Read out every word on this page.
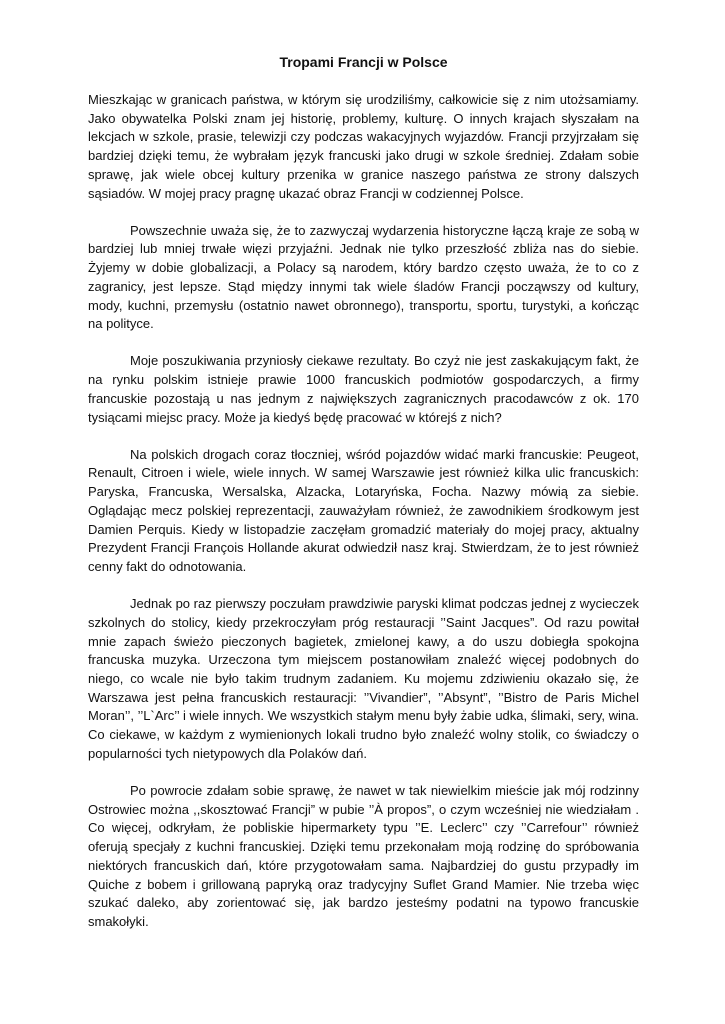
Tropami Francji w Polsce

Mieszkając w granicach państwa, w którym się urodziliśmy, całkowicie się z nim utożsamiamy. Jako obywatelka Polski znam jej historię, problemy, kulturę. O innych krajach słyszałam na lekcjach w szkole, prasie, telewizji czy podczas wakacyjnych wyjazdów. Francji przyjrzałam się bardziej dzięki temu, że wybrałam język francuski jako drugi w szkole średniej. Zdałam sobie sprawę, jak wiele obcej kultury przenika w granice naszego państwa ze strony dalszych sąsiadów. W mojej pracy pragnę ukazać obraz Francji w codziennej Polsce.

Powszechnie uważa się, że to zazwyczaj wydarzenia historyczne łączą kraje ze sobą w bardziej lub mniej trwałe więzi przyjaźni. Jednak nie tylko przeszłość zbliża nas do siebie. Żyjemy w dobie globalizacji, a Polacy są narodem, który bardzo często uważa, że to co z zagranicy, jest lepsze. Stąd między innymi tak wiele śladów Francji począwszy od kultury, mody, kuchni, przemysłu (ostatnio nawet obronnego), transportu, sportu, turystyki, a kończąc na polityce.

Moje poszukiwania przyniosły ciekawe rezultaty. Bo czyż nie jest zaskakującym fakt, że na rynku polskim istnieje prawie 1000 francuskich podmiotów gospodarczych, a firmy francuskie pozostają u nas jednym z największych zagranicznych pracodawców z ok. 170 tysiącami miejsc pracy. Może ja kiedyś będę pracować w którejś z nich?

Na polskich drogach coraz tłoczniej, wśród pojazdów widać marki francuskie: Peugeot, Renault, Citroen i wiele, wiele innych. W samej Warszawie jest również kilka ulic francuskich: Paryska, Francuska, Wersalska, Alzacka, Lotaryńska, Focha. Nazwy mówią za siebie. Oglądając mecz polskiej reprezentacji, zauważyłam również, że zawodnikiem środkowym jest Damien Perquis. Kiedy w listopadzie zaczęłam gromadzić materiały do mojej pracy, aktualny Prezydent Francji François Hollande akurat odwiedził nasz kraj. Stwierdzam, że to jest również cenny fakt do odnotowania.

Jednak po raz pierwszy poczułam prawdziwie paryski klimat podczas jednej z wycieczek szkolnych do stolicy, kiedy przekroczyłam próg restauracji ’’Saint Jacques”. Od razu powitał mnie zapach świeżo pieczonych bagietek, zmielonej kawy, a do uszu dobiegła spokojna francuska muzyka. Urzeczona tym miejscem postanowiłam znaleźć więcej podobnych do niego, co wcale nie było takim trudnym zadaniem. Ku mojemu zdziwieniu okazało się, że Warszawa jest pełna francuskich restauracji: ’’Vivandier”, ’’Absynt”, ’’Bistro de Paris Michel Moran’’, ’’L`Arc’’ i wiele innych. We wszystkich stałym menu były żabie udka, ślimaki, sery, wina. Co ciekawe, w każdym z wymienionych lokali trudno było znaleźć wolny stolik, co świadczy o popularności tych nietypowych dla Polaków dań.

Po powrocie zdałam sobie sprawę, że nawet w tak niewielkim mieście jak mój rodzinny Ostrowiec można ,,skosztować Francji” w pubie ’’À propos”, o czym wcześniej nie wiedziałam . Co więcej, odkryłam, że pobliskie hipermarkety typu ’’E. Leclerc’’ czy ’’Carrefour’’ również oferują specjały z kuchni francuskiej. Dzięki temu przekonałam moją rodzinę do spróbowania niektórych francuskich dań, które przygotowałam sama. Najbardziej do gustu przypadły im Quiche z bobem i grillowaną papryką oraz tradycyjny Suflet Grand Mamier. Nie trzeba więc szukać daleko, aby zorientować się, jak bardzo jesteśmy podatni na typowo francuskie smakołyki.
